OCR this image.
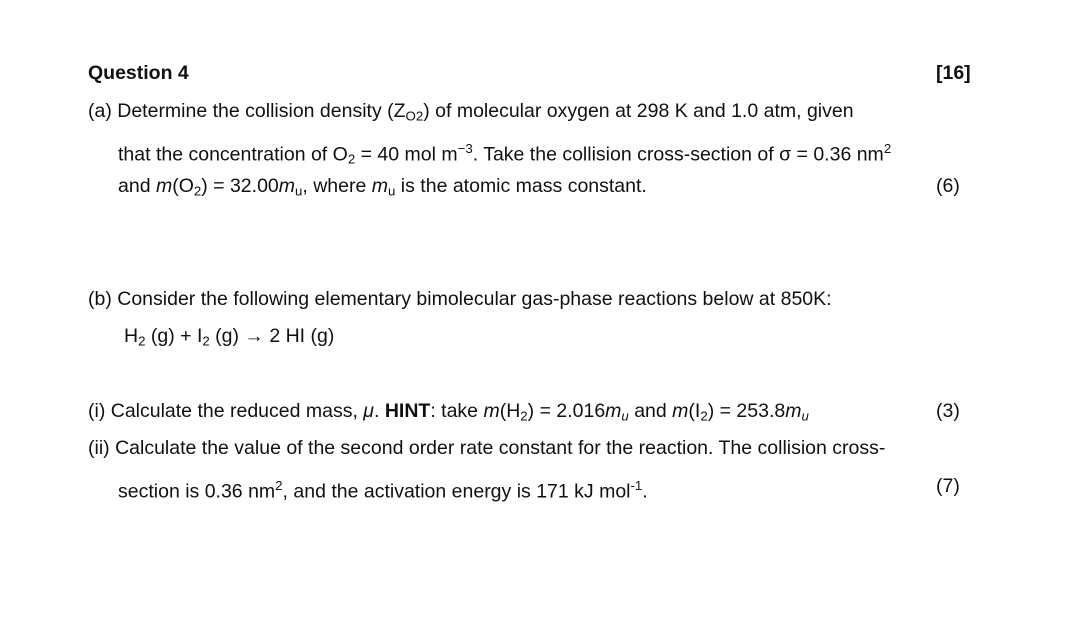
Question 4	[16]
(a) Determine the collision density $(Z_{O2})$ of molecular oxygen at 298 K and 1.0 atm, given
that the concentration of $O_2 = 40$ mol $m^{-3}$. Take the collision cross-section of σ = 0.36 $nm^2$
and $m(O_2) = 32.00m_u$, where $m_u$ is the atomic mass constant.	(6)
(b) Consider the following elementary bimolecular gas-phase reactions below at 850K:
$H_2$ $(g) + I_2$ (g) → 2 HI (g)
(i) Calculate the reduced mass, μ. HINT: take $m(H_2) = 2.016m_u$ and $m(I_2) = 253.8m_u$	(3)
(ii) Calculate the value of the second order rate constant for the reaction. The collision cross-
section is 0.36 $nm^2$, and the activation energy is 171 kJ mol$^{-1}$.	(7)
